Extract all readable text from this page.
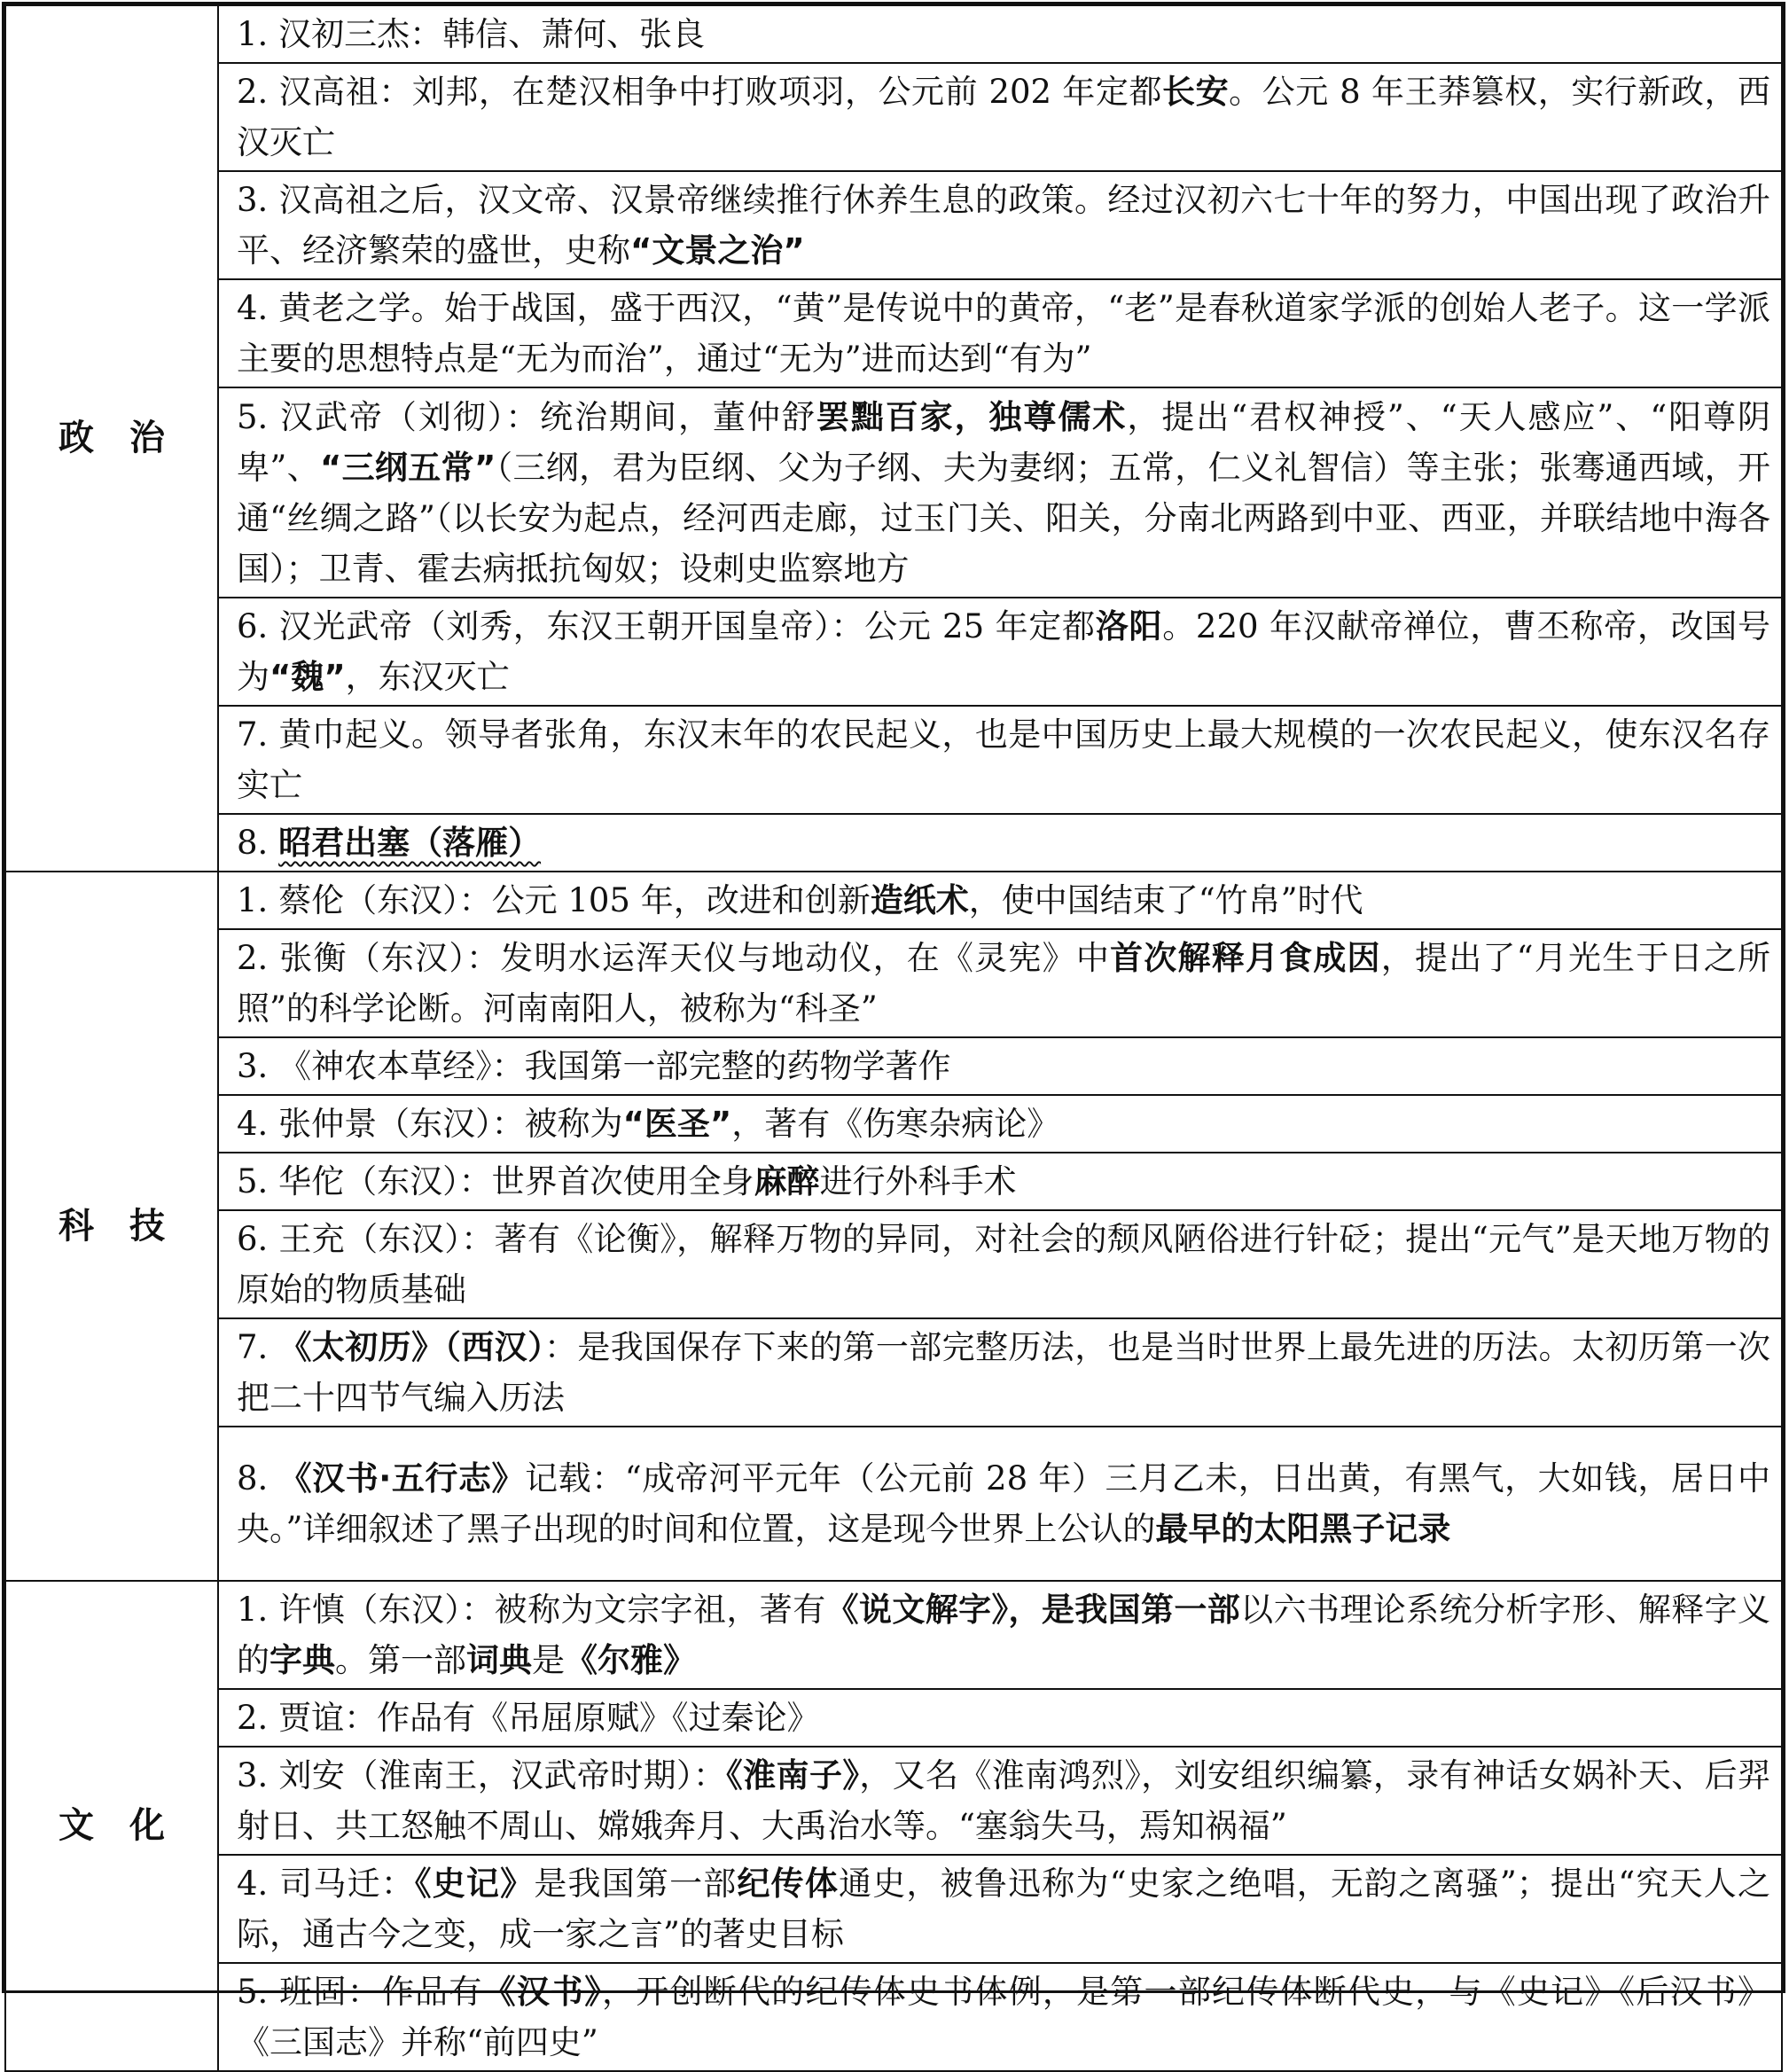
政治	1. 汉初三杰：韩信、萧何、张良
	2. 汉高祖：刘邦，在楚汉相争中打败项羽，公元前 202 年定都长安。公元 8 年王莽篡权，实行新政，西汉灭亡
	3. 汉高祖之后，汉文帝、汉景帝继续推行休养生息的政策。经过汉初六七十年的努力，中国出现了政治升平、经济繁荣的盛世，史称“文景之治”
	4. 黄老之学。始于战国，盛于西汉，“黄”是传说中的黄帝，“老”是春秋道家学派的创始人老子。这一学派主要的思想特点是“无为而治”，通过“无为”进而达到“有为”
	5. 汉武帝（刘彻）：统治期间，董仲舒罢黜百家，独尊儒术，提出“君权神授”、“天人感应”、“阳尊阴卑”、“三纲五常”（三纲，君为臣纲、父为子纲、夫为妻纲；五常，仁义礼智信）等主张；张骞通西域，开通“丝绸之路”（以长安为起点，经河西走廊，过玉门关、阳关，分南北两路到中亚、西亚，并联结地中海各国）；卫青、霍去病抵抗匈奴；设刺史监察地方
	6. 汉光武帝（刘秀，东汉王朝开国皇帝）：公元 25 年定都洛阳。220 年汉献帝禅位，曹丕称帝，改国号为“魏”，东汉灭亡
	7. 黄巾起义。领导者张角，东汉末年的农民起义，也是中国历史上最大规模的一次农民起义，使东汉名存实亡
	8. 昭君出塞（落雁）
科技	1. 蔡伦（东汉）：公元 105 年，改进和创新造纸术，使中国结束了“竹帛”时代
	2. 张衡（东汉）：发明水运浑天仪与地动仪，在《灵宪》中首次解释月食成因，提出了“月光生于日之所照”的科学论断。河南南阳人，被称为“科圣”
	3. 《神农本草经》：我国第一部完整的药物学著作
	4. 张仲景（东汉）：被称为“医圣”，著有《伤寒杂病论》
	5. 华佗（东汉）：世界首次使用全身麻醉进行外科手术
	6. 王充（东汉）：著有《论衡》，解释万物的异同，对社会的颓风陋俗进行针砭；提出“元气”是天地万物的原始的物质基础
	7. 《太初历》（西汉）：是我国保存下来的第一部完整历法，也是当时世界上最先进的历法。太初历第一次把二十四节气编入历法
	8. 《汉书·五行志》记载：“成帝河平元年（公元前 28 年）三月乙未，日出黄，有黑气，大如钱，居日中央。”详细叙述了黑子出现的时间和位置，这是现今世界上公认的最早的太阳黑子记录
文化	1. 许慎（东汉）：被称为文宗字祖，著有《说文解字》，是我国第一部以六书理论系统分析字形、解释字义的字典。第一部词典是《尔雅》
	2. 贾谊：作品有《吊屈原赋》《过秦论》
	3. 刘安（淮南王，汉武帝时期）：《淮南子》，又名《淮南鸿烈》，刘安组织编纂，录有神话女娲补天、后羿射日、共工怒触不周山、嫦娥奔月、大禹治水等。“塞翁失马，焉知祸福”
	4. 司马迁：《史记》是我国第一部纪传体通史，被鲁迅称为“史家之绝唱，无韵之离骚”；提出“究天人之际，通古今之变，成一家之言”的著史目标
	5. 班固：作品有《汉书》，开创断代的纪传体史书体例，是第一部纪传体断代史，与《史记》《后汉书》《三国志》并称“前四史”
